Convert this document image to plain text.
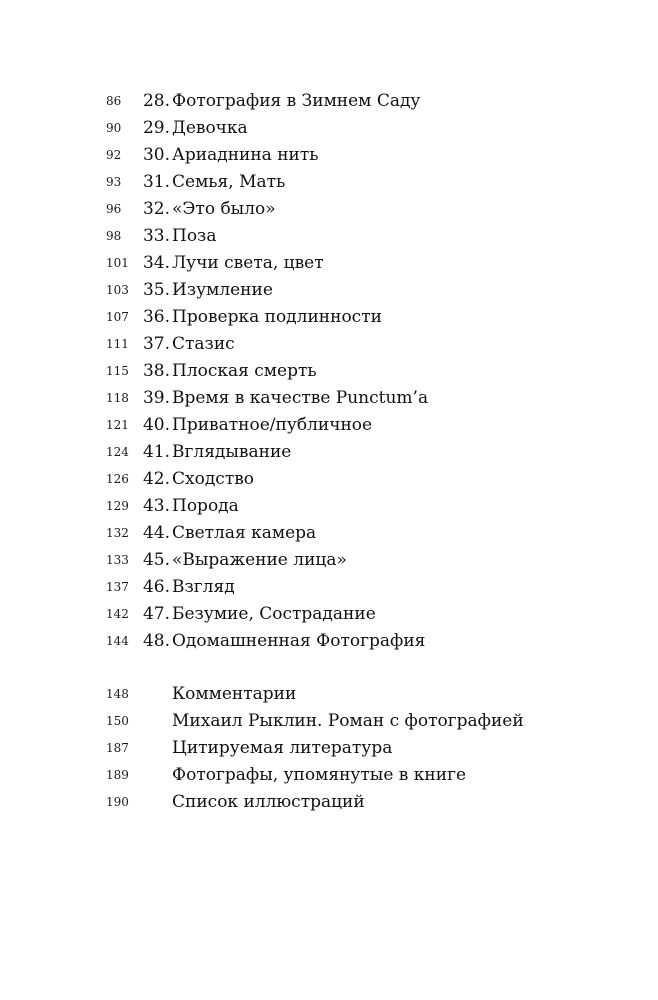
86	28. Фотография в Зимнем Саду
90	29. Девочка
92	30. Ариаднина нить
93	31. Семья, Мать
96	32. «Это было»
98	33. Поза
101 34. Лучи света, цвет
103 35. Изумление
107 36. Проверка подлинности
111 37. Стазис
115 38. Плоская смерть
118 39. Время в качестве Punctum’a
121 40. Приватное/публичное
124 41. Вглядывание
126 42. Сходство
129 43. Порода
132 44. Светлая камера
133 45. «Выражение лица»
137 46. Взгляд
142 47. Безумие, Сострадание
144 48. Одомашненная Фотография
148	Комментарии
150	Михаил Рыклин. Роман с фотографией
187	Цитируемая литература
189	Фотографы, упомянутые в книге
190	Список иллюстраций
